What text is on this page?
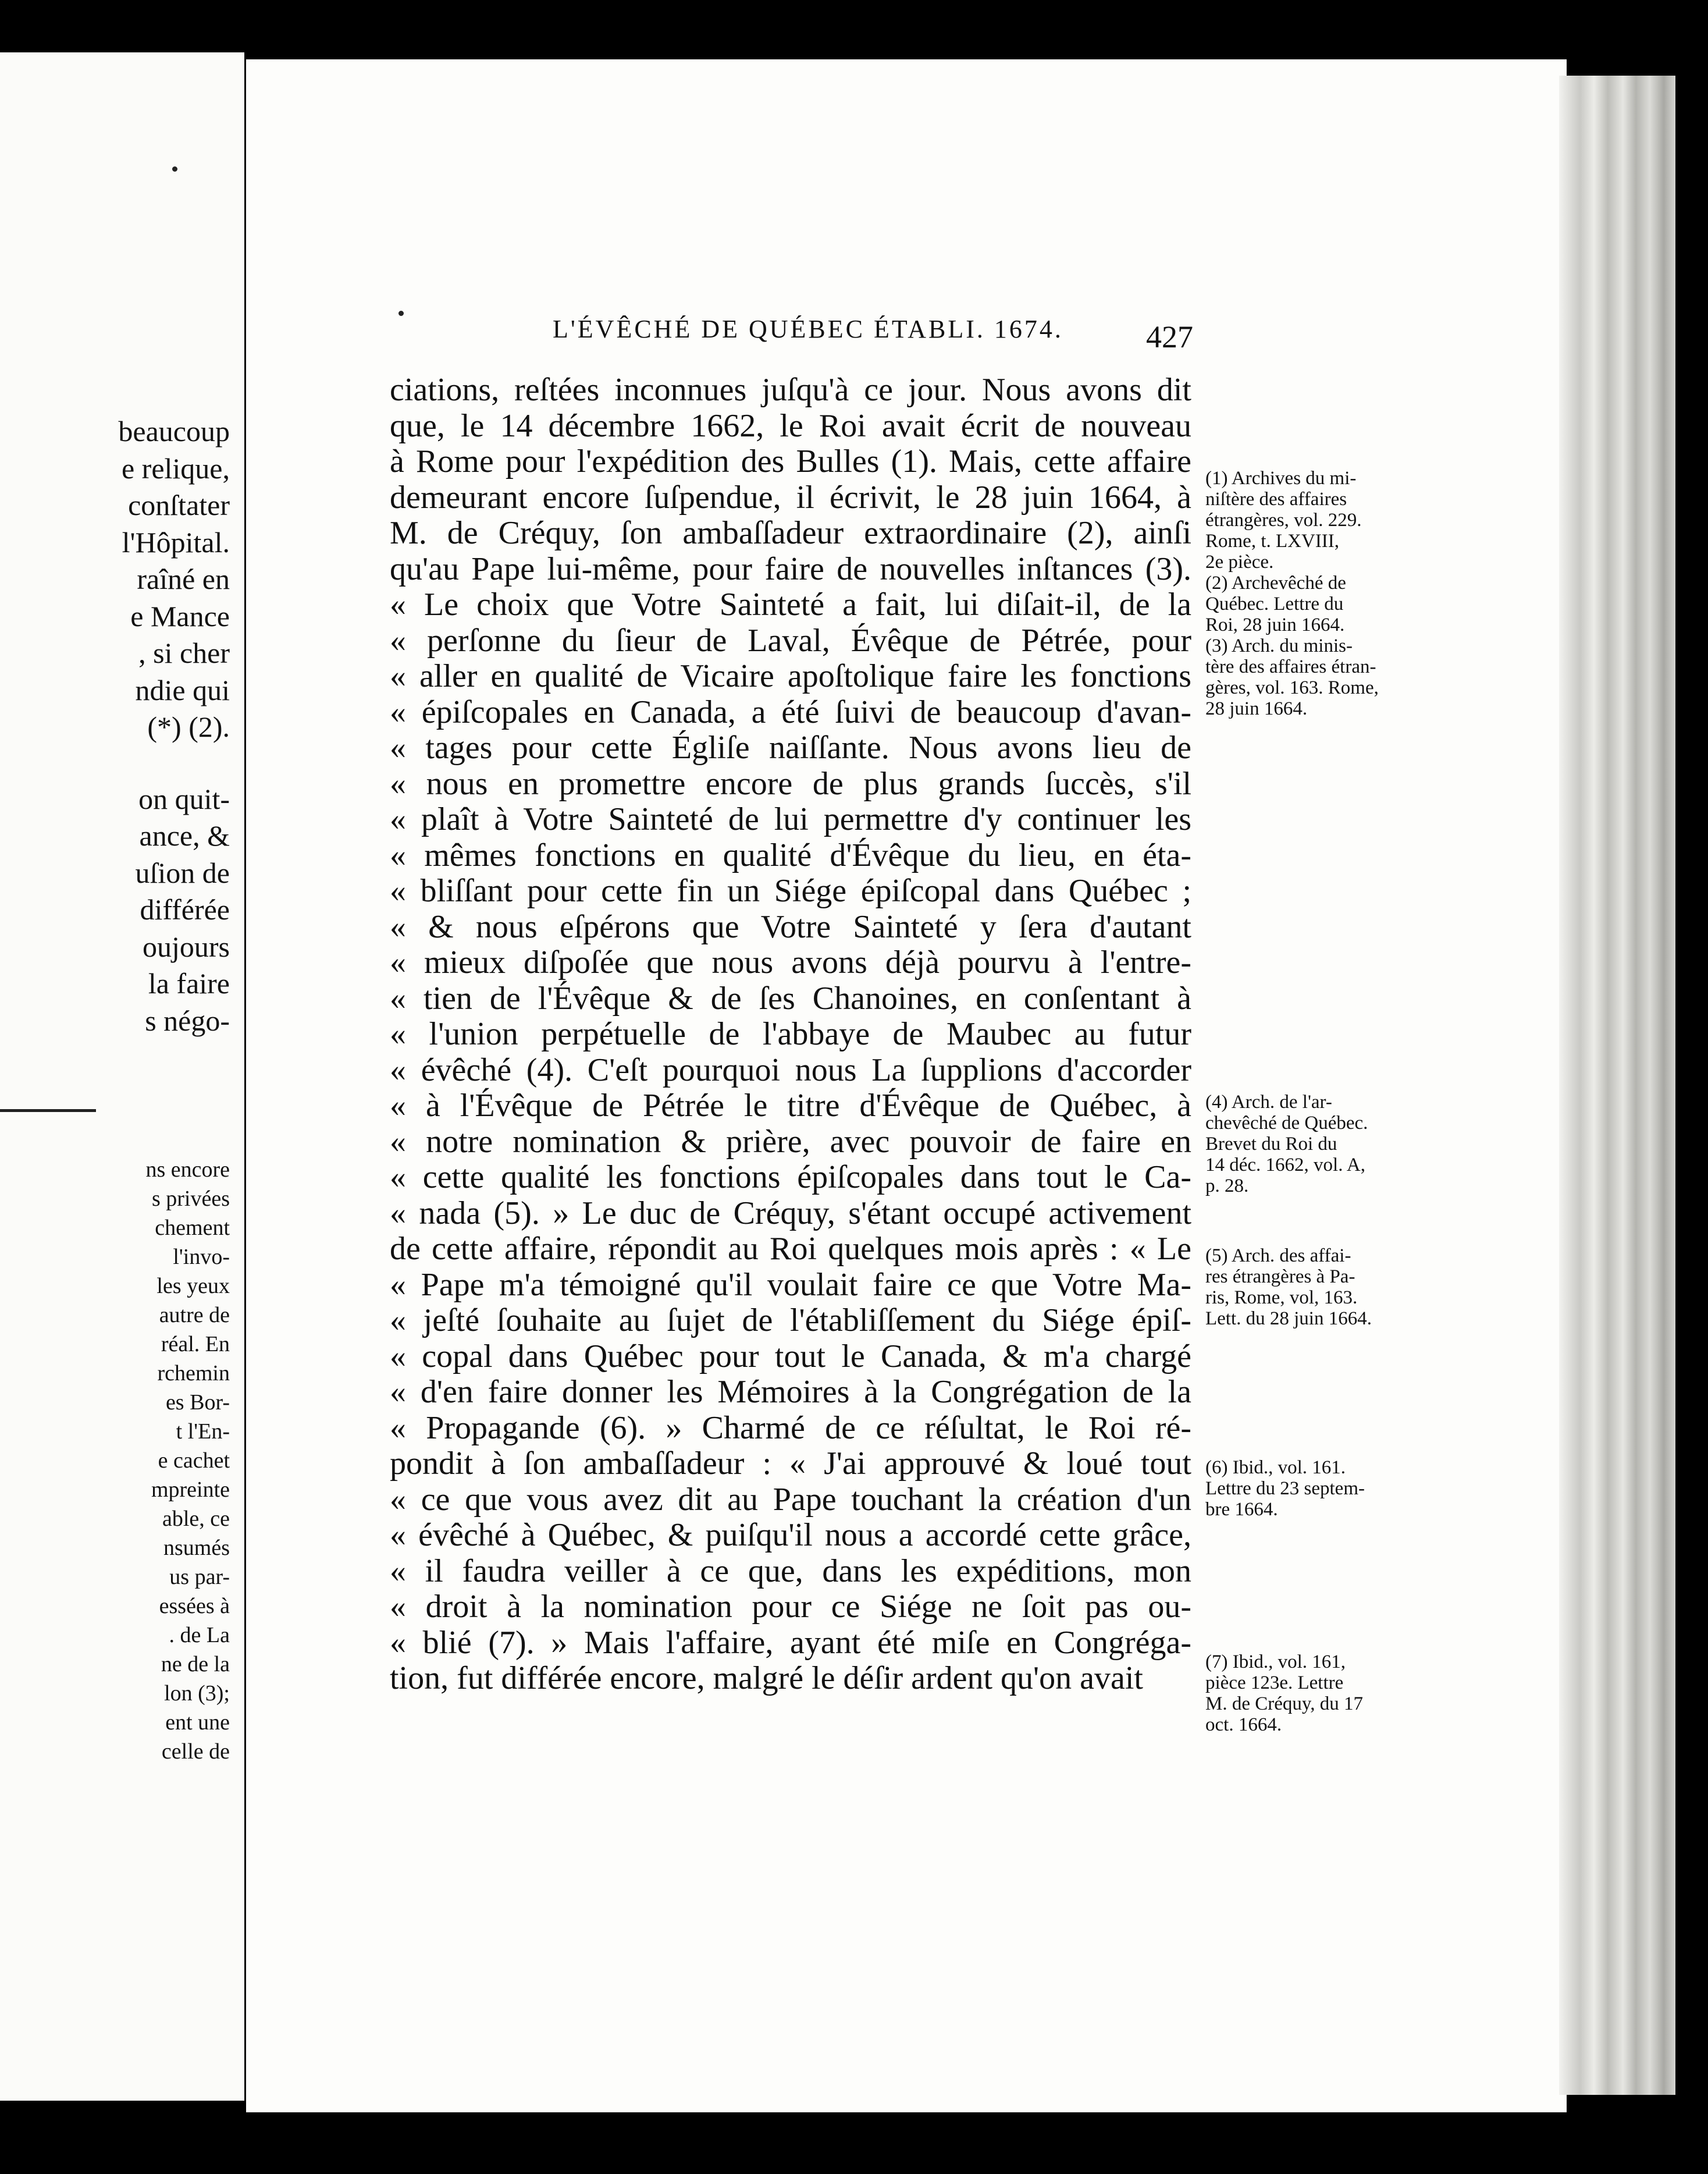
beaucoup
e relique,
conſtater
l'Hôpital.
raîné en
e Mance
, si cher
ndie qui
(*) (2).
on quit-
ance, &
uſion de
différée
oujours
la faire
s négo-
ns encore
s privées
chement
l'invo-
les yeux
autre de
réal. En
rchemin
es Bor-
t l'En-
e cachet
mpreinte
able, ce
nsumés
us par-
essées à
. de La
ne de la
lon (3);
ent une
celle de
L'ÉVÊCHÉ DE QUÉBEC ÉTABLI. 1674.	427
ciations, reſtées inconnues juſqu'à ce jour. Nous avons dit
que, le 14 décembre 1662, le Roi avait écrit de nouveau
à Rome pour l'expédition des Bulles (1). Mais, cette affaire
demeurant encore ſuſpendue, il écrivit, le 28 juin 1664, à
M. de Créquy, ſon ambaſſadeur extraordinaire (2), ainſi
qu'au Pape lui-même, pour faire de nouvelles inſtances (3).
« Le choix que Votre Sainteté a fait, lui diſait-il, de la
« perſonne du ſieur de Laval, Évêque de Pétrée, pour
« aller en qualité de Vicaire apoſtolique faire les fonctions
« épiſcopales en Canada, a été ſuivi de beaucoup d'avan-
« tages pour cette Égliſe naiſſante. Nous avons lieu de
« nous en promettre encore de plus grands ſuccès, s'il
« plaît à Votre Sainteté de lui permettre d'y continuer les
« mêmes fonctions en qualité d'Évêque du lieu, en éta-
« bliſſant pour cette fin un Siége épiſcopal dans Québec ;
« & nous eſpérons que Votre Sainteté y ſera d'autant
« mieux diſpoſée que nous avons déjà pourvu à l'entre-
« tien de l'Évêque & de ſes Chanoines, en conſentant à
« l'union perpétuelle de l'abbaye de Maubec au futur
« évêché (4). C'eſt pourquoi nous La ſupplions d'accorder
« à l'Évêque de Pétrée le titre d'Évêque de Québec, à
« notre nomination & prière, avec pouvoir de faire en
« cette qualité les fonctions épiſcopales dans tout le Ca-
« nada (5). » Le duc de Créquy, s'étant occupé activement
de cette affaire, répondit au Roi quelques mois après : « Le
« Pape m'a témoigné qu'il voulait faire ce que Votre Ma-
« jeſté ſouhaite au ſujet de l'établiſſement du Siége épiſ-
« copal dans Québec pour tout le Canada, & m'a chargé
« d'en faire donner les Mémoires à la Congrégation de la
« Propagande (6). » Charmé de ce réſultat, le Roi ré-
pondit à ſon ambaſſadeur : « J'ai approuvé & loué tout
« ce que vous avez dit au Pape touchant la création d'un
« évêché à Québec, & puiſqu'il nous a accordé cette grâce,
« il faudra veiller à ce que, dans les expéditions, mon
« droit à la nomination pour ce Siége ne ſoit pas ou-
« blié (7). » Mais l'affaire, ayant été miſe en Congréga-
tion, fut différée encore, malgré le déſir ardent qu'on avait
(1) Archives du mi-
niſtère des affaires
étrangères, vol. 229.
Rome, t. LXVIII,
2e pièce.
(2) Archevêché de
Québec. Lettre du
Roi, 28 juin 1664.
(3) Arch. du minis-
tère des affaires étran-
gères, vol. 163. Rome,
28 juin 1664.
(4) Arch. de l'ar-
chevêché de Québec.
Brevet du Roi du
14 déc. 1662, vol. A,
p. 28.
(5) Arch. des affai-
res étrangères à Pa-
ris, Rome, vol, 163.
Lett. du 28 juin 1664.
(6) Ibid., vol. 161.
Lettre du 23 septem-
bre 1664.
(7) Ibid., vol. 161,
pièce 123e. Lettre
M. de Créquy, du 17
oct. 1664.
